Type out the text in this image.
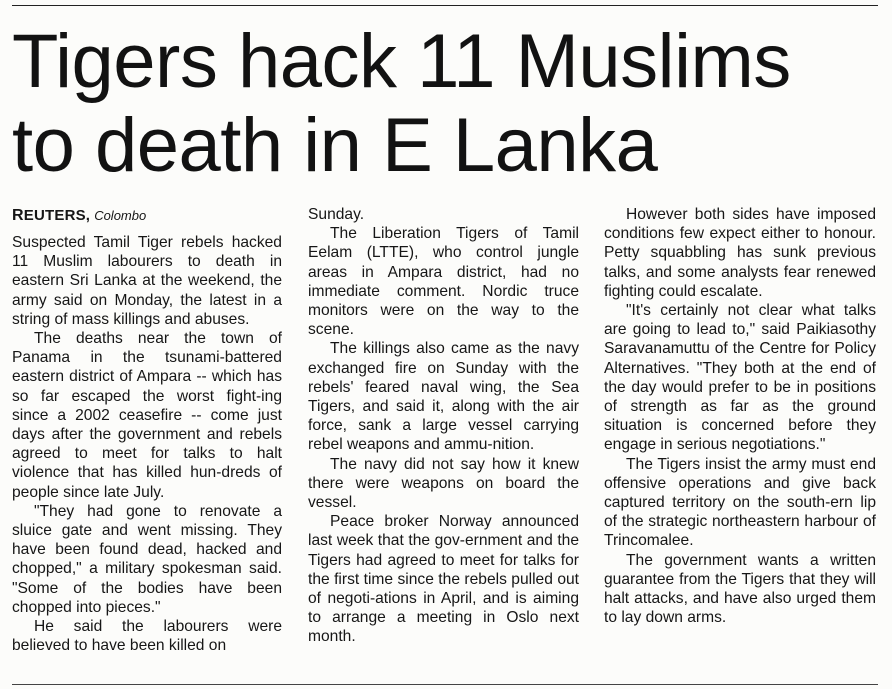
Tigers hack 11 Muslims
to death in E Lanka
REUTERS, Colombo

Suspected Tamil Tiger rebels hacked 11 Muslim labourers to death in eastern Sri Lanka at the weekend, the army said on Monday, the latest in a string of mass killings and abuses.

The deaths near the town of Panama in the tsunami-battered eastern district of Ampara -- which has so far escaped the worst fight-ing since a 2002 ceasefire -- come just days after the government and rebels agreed to meet for talks to halt violence that has killed hun-dreds of people since late July.

"They had gone to renovate a sluice gate and went missing. They have been found dead, hacked and chopped," a military spokesman said. "Some of the bodies have been chopped into pieces."

He said the labourers were believed to have been killed on

Sunday.

The Liberation Tigers of Tamil Eelam (LTTE), who control jungle areas in Ampara district, had no immediate comment. Nordic truce monitors were on the way to the scene.

The killings also came as the navy exchanged fire on Sunday with the rebels' feared naval wing, the Sea Tigers, and said it, along with the air force, sank a large vessel carrying rebel weapons and ammu-nition.

The navy did not say how it knew there were weapons on board the vessel.

Peace broker Norway announced last week that the gov-ernment and the Tigers had agreed to meet for talks for the first time since the rebels pulled out of negoti-ations in April, and is aiming to arrange a meeting in Oslo next month.

However both sides have imposed conditions few expect either to honour. Petty squabbling has sunk previous talks, and some analysts fear renewed fighting could escalate.

"It's certainly not clear what talks are going to lead to," said Paikiasothy Saravanamuttu of the Centre for Policy Alternatives. "They both at the end of the day would prefer to be in positions of strength as far as the ground situation is concerned before they engage in serious negotiations."

The Tigers insist the army must end offensive operations and give back captured territory on the south-ern lip of the strategic northeastern harbour of Trincomalee.

The government wants a written guarantee from the Tigers that they will halt attacks, and have also urged them to lay down arms.
